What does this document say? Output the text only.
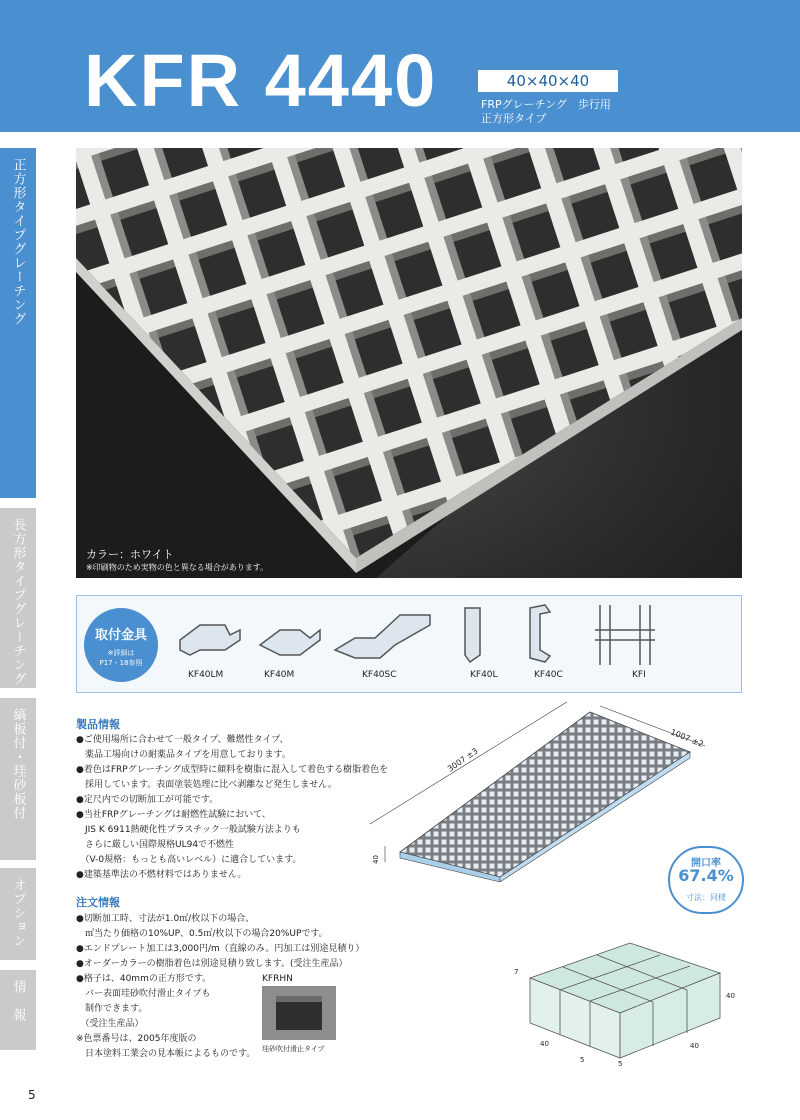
KFR 4440	40×40×40
FRPグレーチング　歩行用
正方形タイプ
正方形タイプグレーチング
長方形タイプグレーチング
縞板付・珪砂板付
オプション
情　報
カラー：ホワイト
※印刷物のため実物の色と異なる場合があります。
取付金具
※詳細は
P17・18参照
KF40LM	KF40M	KF40SC	KF40L	KF40C	KFI
製品情報
●ご使用場所に合わせて一般タイプ、難燃性タイプ、
　薬品工場向けの耐薬品タイプを用意しております。
●着色はFRPグレーチング成型時に顔料を樹脂に混入して着色する樹脂着色を
　採用しています。表面塗装処理に比べ剥離など発生しません。
●定尺内での切断加工が可能です。
●当社FRPグレーチングは耐燃性試験において、
　JIS K 6911熱硬化性プラスチック一般試験方法よりも
　さらに厳しい国際規格UL94で不燃性
　（V-0規格：もっとも高いレベル）に適合しています。
●建築基準法の不燃材料ではありません。
注文情報
●切断加工時、寸法が1.0㎡/枚以下の場合、
　㎡当たり価格の10%UP、0.5㎡/枚以下の場合20%UPです。
●エンドプレート加工は3,000円/m（直線のみ。円加工は別途見積り）
●オーダーカラーの樹脂着色は別途見積り致します。(受注生産品）
●格子は、40mmの正方形です。
　バー表面珪砂吹付滑止タイプも
　制作できます。
　（受注生産品）
※色票番号は、2005年度版の
　日本塗料工業会の見本帳によるものです。
3007 ±3
1007 ±2
40	開口率
67.4%
寸法：同様
7
40
40	40
5	5
KFRHN
珪砂吹付滑止タイプ
5
